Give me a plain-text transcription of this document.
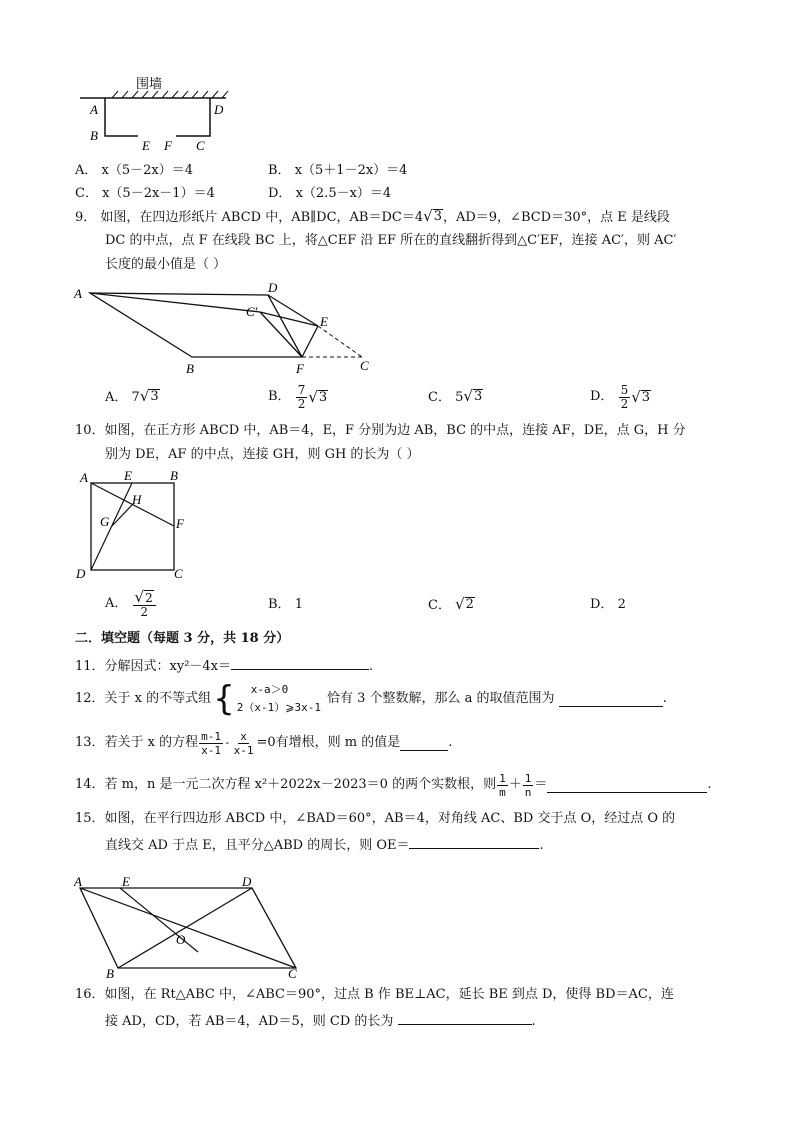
围墙
A
B
D
E F C
A． x（5－2x）＝4	B． x（5＋1－2x）＝4
C． x（5－2x－1）＝4	D． x（2.5－x）＝4
9． 如图，在四边形纸片 ABCD 中，AB∥DC，AB＝DC＝4 √ 3 ，AD＝9，∠BCD＝30°，点 E 是线段
DC 的中点，点 F 在线段 BC 上，将△CEF 沿 EF 所在的直线翻折得到△C′EF，连接 AC′，则 AC′
长度的最小值是（ ）
A	D
C′
E
B	F	C
A． 7 √ 3	B．
$\frac{7}{2}$ √ 3	C． 5 √ 3	D．
$\frac{5}{2}$ √ 3
10．如图，在正方形 ABCD 中，AB＝4，E，F 分别为边 AB，BC 的中点，连接 AF，DE，点 G，H 分
别为 DE，AF 的中点，连接 GH，则 GH 的长为（ ）
A	E	B
H
G	F
D	C
A．
$\frac{√ 2}{2}$	B． 1	C． √ 2	D． 2
二．填空题（每题 3 分，共 18 分）
11．分解因式：xy²－4x＝	.
12．关于 x 的不等式组 {	x-a＞0
2（x-1）⩾3x-1
恰有 3 个整数解，那么 a 的取值范围为
	.
13．若关于 x 的方程 $\frac{m-1}{x-1} - \frac{x}{x-1} =0$有增根，则 m 的值是	.
14．若 m，n 是一元二次方程 x²＋2022x－2023＝0 的两个实数根，则 $\frac{1}{m} + \frac{1}{n}$ ＝	.
15．如图，在平行四边形 ABCD 中，∠BAD＝60°，AB＝4，对角线 AC、BD 交于点 O，经过点 O 的
直线交 AD 于点 E，且平分△ABD 的周长，则 OE＝	.
A	E	D
O
B	C
16．如图，在 Rt△ABC 中，∠ABC＝90°，过点 B 作 BE⊥AC，延长 BE 到点 D，使得 BD＝AC，连
接 AD，CD，若 AB＝4，AD＝5，则 CD 的长为	.
